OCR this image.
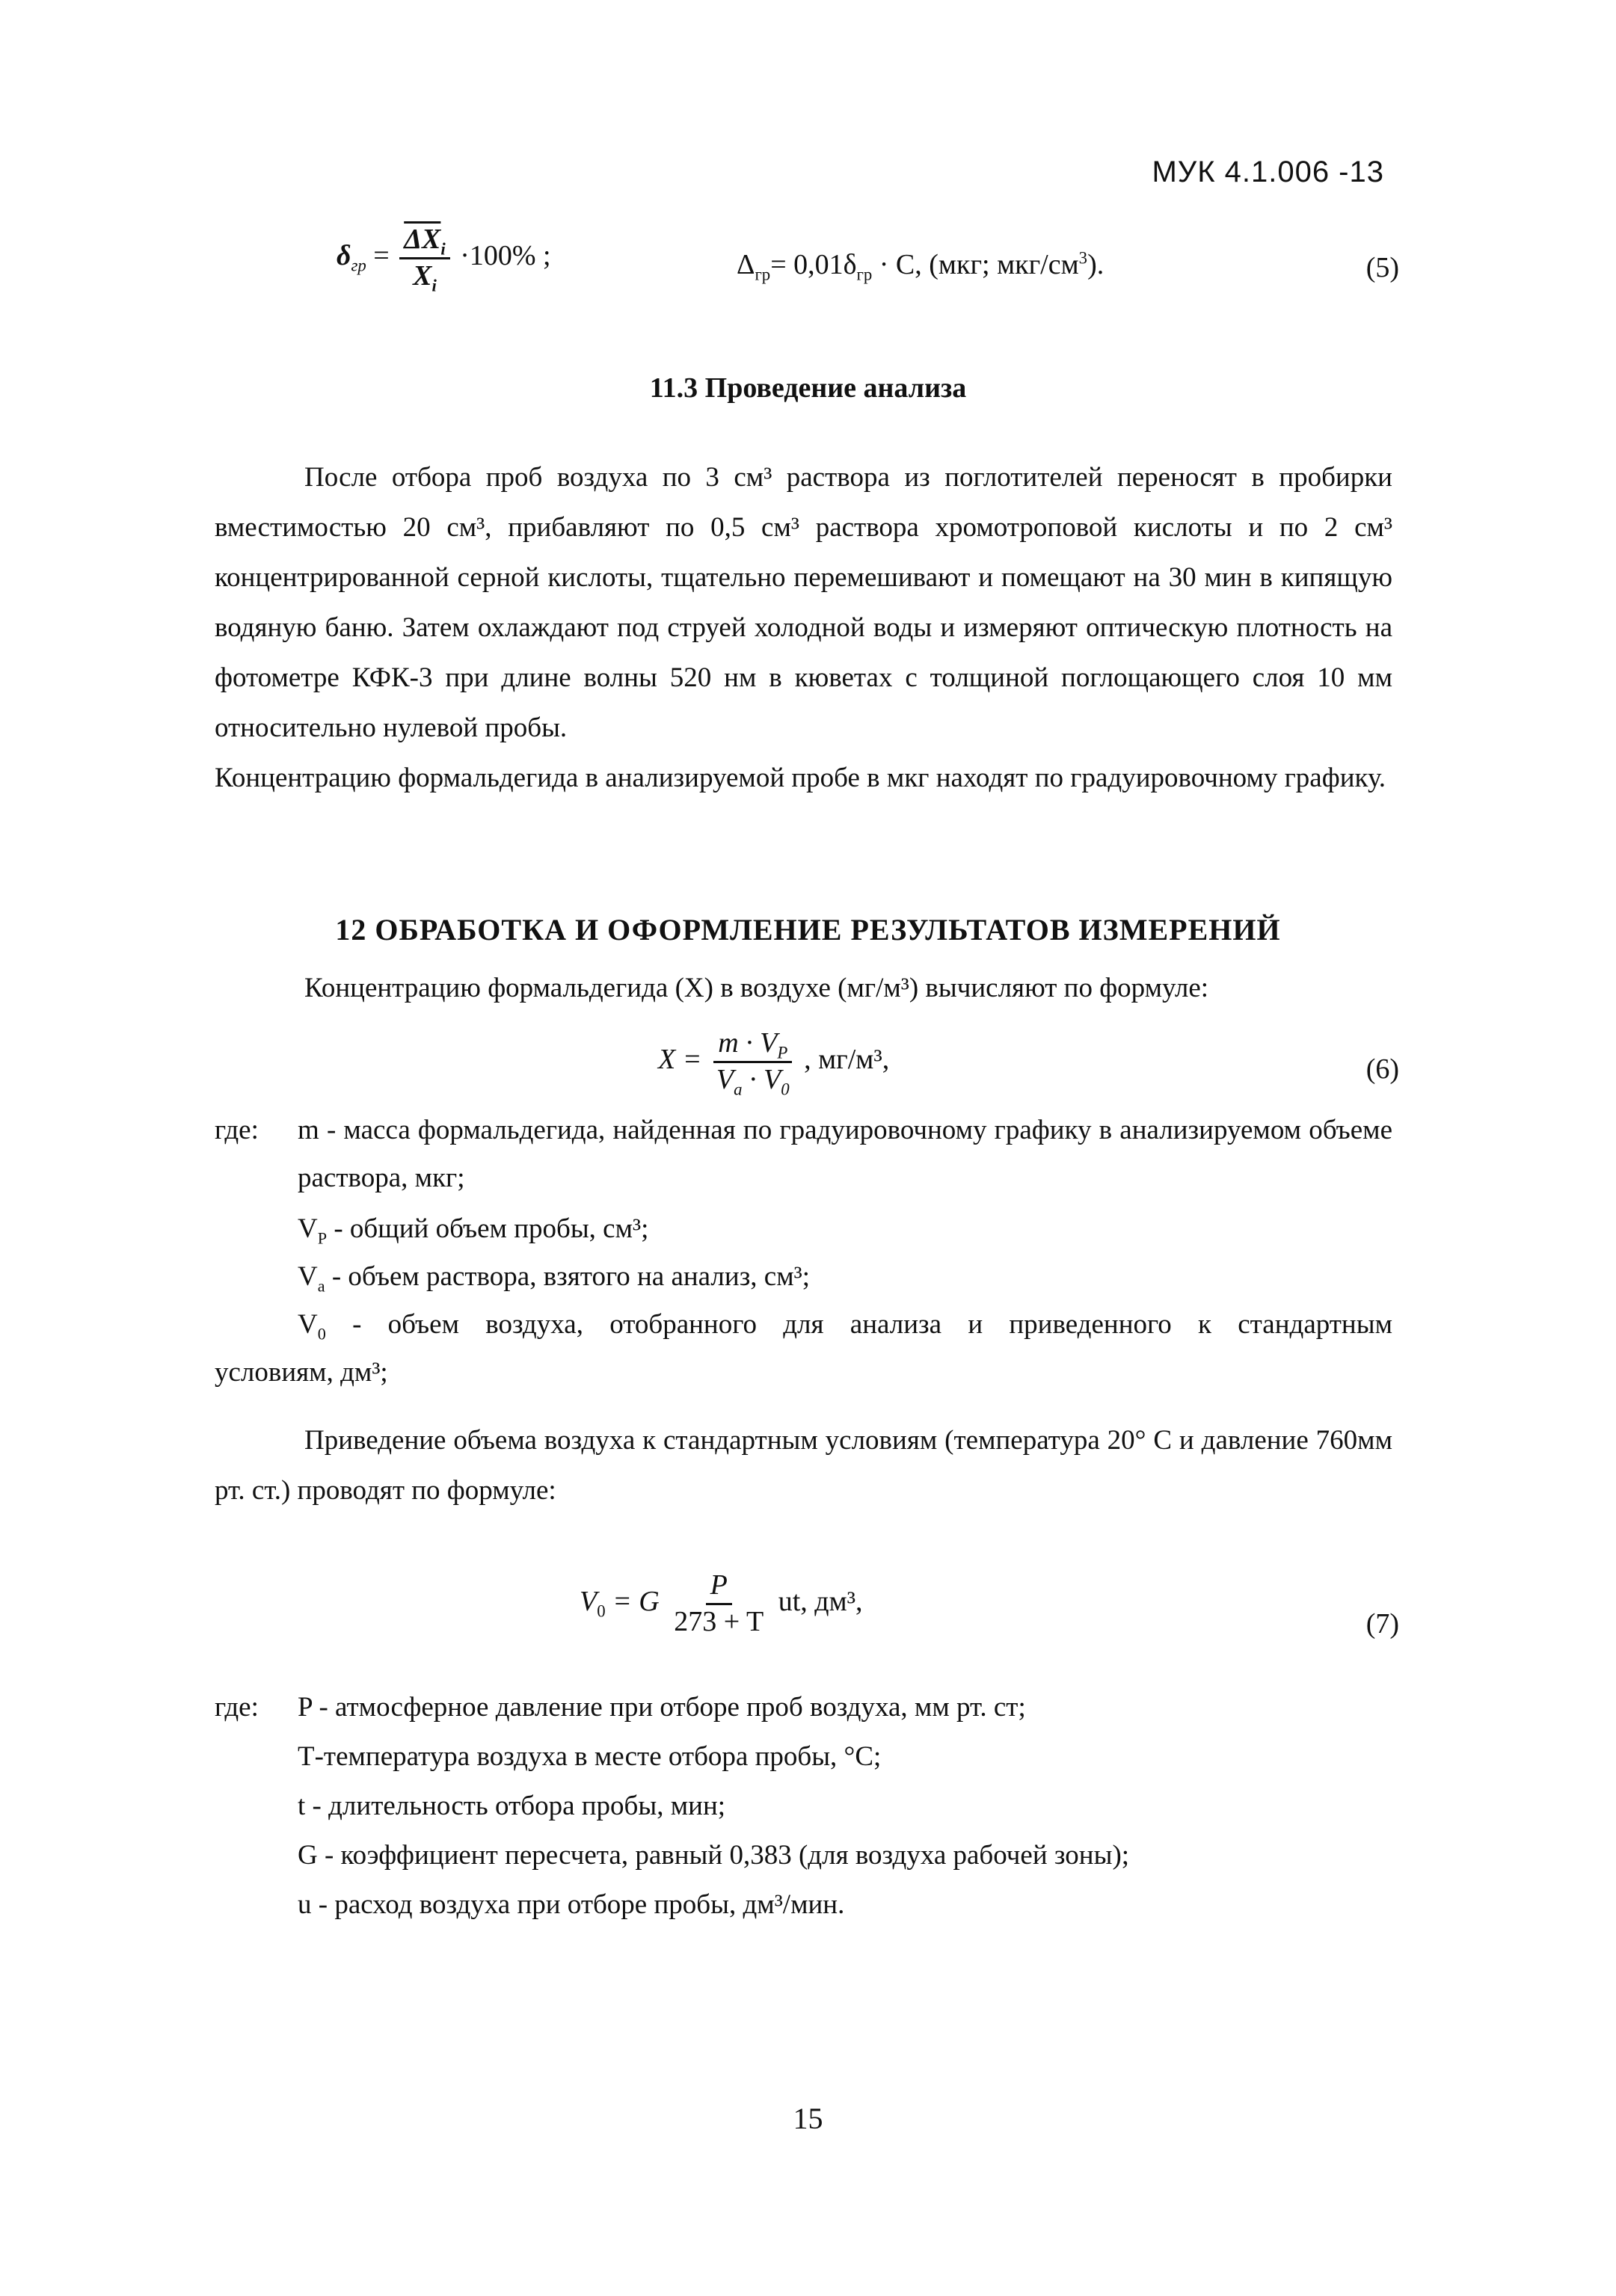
МУК 4.1.006 -13
$\delta_{гр} = \frac{\overline{\Delta X}_i}{X_i} \cdot 100\%$ ;	$\Delta_{гр}= 0,01\delta_{гр} \cdot C$, (мкг; мкг/$см^3$).	(5)
11.3 Проведение анализа

После отбора проб воздуха по 3 см³ раствора из поглотителей переносят в пробирки вместимостью 20 см³, прибавляют по 0,5 см³ раствора хромотроповой кислоты и по 2 см³ концентрированной серной кислоты, тщательно перемешивают и помещают на 30 мин в кипящую водяную баню. Затем охлаждают под струей холодной воды и измеряют оптическую плотность на фотометре КФК-3 при длине волны 520 нм в кюветах с толщиной поглощающего слоя 10 мм относительно нулевой пробы.

Концентрацию формальдегида в анализируемой пробе в мкг находят по градуировочному графику.

12 ОБРАБОТКА И ОФОРМЛЕНИЕ РЕЗУЛЬТАТОВ ИЗМЕРЕНИЙ

Концентрацию формальдегида (Х) в воздухе (мг/м³) вычисляют по формуле:

$X = \frac{m \cdot V_P}{V_a \cdot V_0}$ , мг/м³,	(6)
где: m - масса формальдегида, найденная по градуировочному графику в анализируемом объеме раствора, мкг;
$V_P$ - общий объем пробы, см³;
$V_a$ - объем раствора, взятого на анализ, см³;
$V_0$ - объем воздуха, отобранного для анализа и приведенного к стандартным
условиям, дм³;

Приведение объема воздуха к стандартным условиям (температура 20° С и давление 760мм рт. ст.) проводят по формуле:

$V_0 = G \frac{P}{273 + T}$ ut, дм³,
(7)
где: P - атмосферное давление при отборе проб воздуха, мм рт. ст;
Т-температура воздуха в месте отбора пробы, °С;
t - длительность отбора пробы, мин;
G - коэффициент пересчета, равный 0,383 (для воздуха рабочей зоны);
u - расход воздуха при отборе пробы, дм³/мин.
15
